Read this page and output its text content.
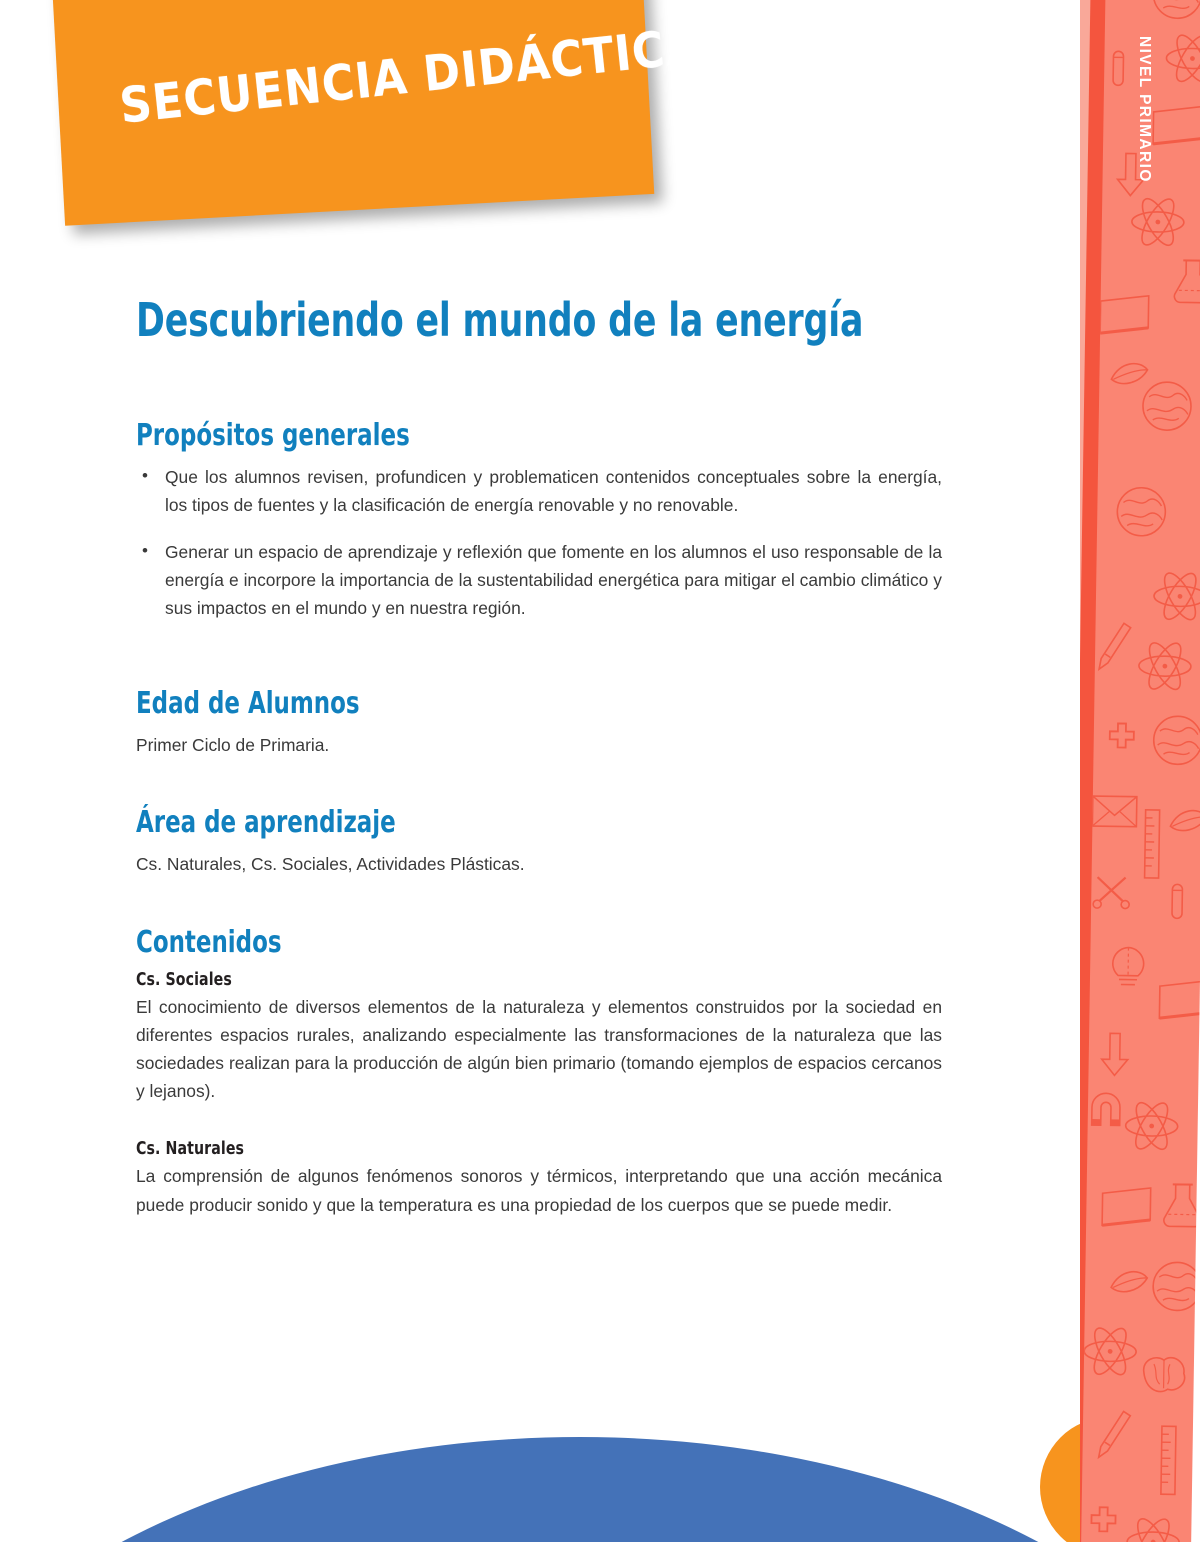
NIVEL PRIMARIO
SECUENCIA DIDÁCTICA
Descubriendo el mundo de la energía
Propósitos generales
• Que los alumnos revisen, profundicen y problematicen contenidos conceptuales sobre la energía, los tipos de fuentes y la clasificación de energía renovable y no renovable.
• Generar un espacio de aprendizaje y reflexión que fomente en los alumnos el uso responsable de la energía e incorpore la importancia de la sustentabilidad energética para mitigar el cambio climático y sus impactos en el mundo y en nuestra región.
Edad de Alumnos

Primer Ciclo de Primaria.

Área de aprendizaje

Cs. Naturales, Cs. Sociales, Actividades Plásticas.

Contenidos
Cs. Sociales

El conocimiento de diversos elementos de la naturaleza y elementos construidos por la sociedad en diferentes espacios rurales, analizando especialmente las transformaciones de la naturaleza que las sociedades realizan para la producción de algún bien primario (tomando ejemplos de espacios cercanos y lejanos).

Cs. Naturales

La comprensión de algunos fenómenos sonoros y térmicos, interpretando que una acción mecánica puede producir sonido y que la temperatura es una propiedad de los cuerpos que se puede medir.
